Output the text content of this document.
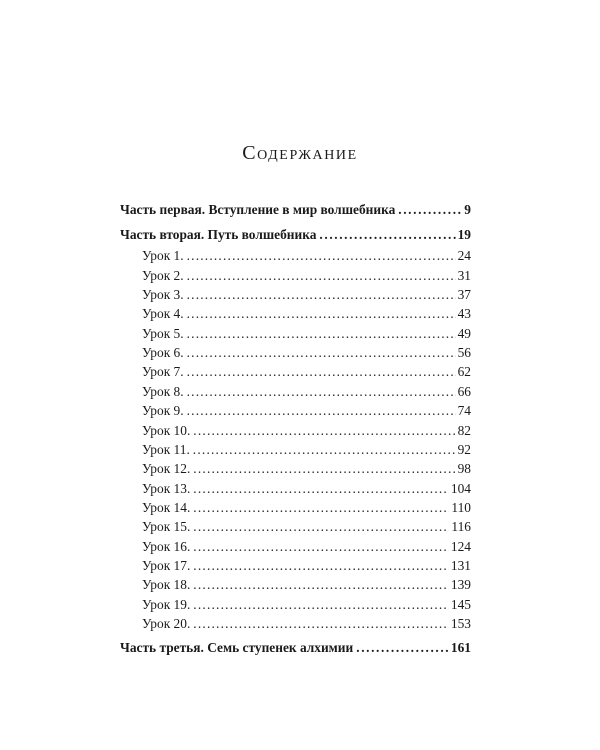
Содержание
Часть первая. Вступление в мир волшебника .....	9
Часть вторая. Путь волшебника .....	19
Урок 1. .....	24
Урок 2. .....	31
Урок 3. .....	37
Урок 4. .....	43
Урок 5. .....	49
Урок 6. .....	56
Урок 7. .....	62
Урок 8. .....	66
Урок 9. .....	74
Урок 10. .....	82
Урок 11. .....	92
Урок 12. .....	98
Урок 13. .....	104
Урок 14. .....	110
Урок 15. .....	116
Урок 16. .....	124
Урок 17. .....	131
Урок 18. .....	139
Урок 19. .....	145
Урок 20. .....	153
Часть третья. Семь ступенек алхимии .....	161
